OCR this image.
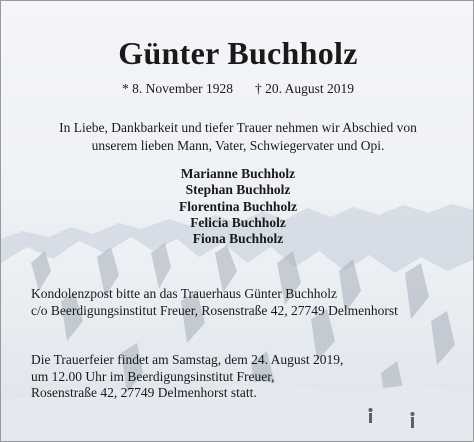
Günter Buchholz
* 8. November 1928 † 20. August 2019
In Liebe, Dankbarkeit und tiefer Trauer nehmen wir Abschied von
unserem lieben Mann, Vater, Schwiegervater und Opi.
Marianne Buchholz
Stephan Buchholz
Florentina Buchholz
Felicia Buchholz
Fiona Buchholz
Kondolenzpost bitte an das Trauerhaus Günter Buchholz
c/o Beerdigungsinstitut Freuer, Rosenstraße 42, 27749 Delmenhorst
Die Trauerfeier findet am Samstag, dem 24. August 2019,
um 12.00 Uhr im Beerdigungsinstitut Freuer,
Rosenstraße 42, 27749 Delmenhorst statt.
